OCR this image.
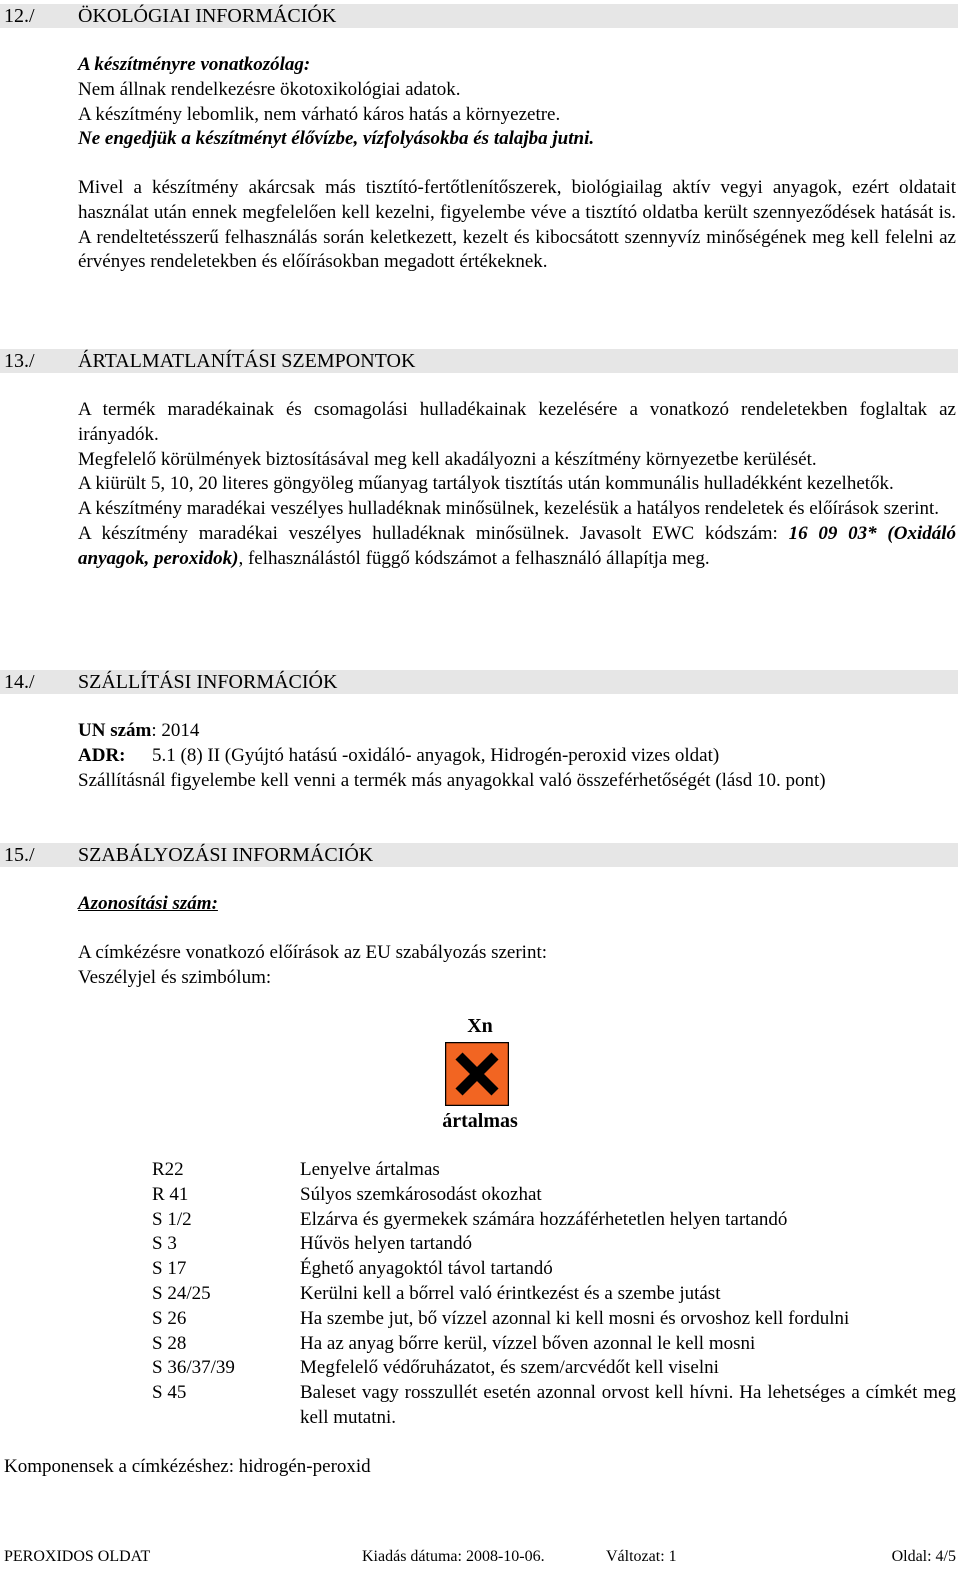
12./ ÖKOLÓGIAI INFORMÁCIÓK
A készítményre vonatkozólag:
Nem állnak rendelkezésre ökotoxikológiai adatok.
A készítmény lebomlik, nem várható káros hatás a környezetre.
Ne engedjük a készítményt élővízbe, vízfolyásokba és talajba jutni.
Mivel a készítmény akárcsak más tisztító-fertőtlenítőszerek, biológiailag aktív vegyi anyagok, ezért oldatait használat után ennek megfelelően kell kezelni, figyelembe véve a tisztító oldatba került szennyeződések hatását is. A rendeltetésszerű felhasználás során keletkezett, kezelt és kibocsátott szennyvíz minőségének meg kell felelni az érvényes rendeletekben és előírásokban megadott értékeknek.
13./ ÁRTALMATLANÍTÁSI SZEMPONTOK
A termék maradékainak és csomagolási hulladékainak kezelésére a vonatkozó rendeletekben foglaltak az irányadók.
Megfelelő körülmények biztosításával meg kell akadályozni a készítmény környezetbe kerülését.
A kiürült 5, 10, 20 literes göngyöleg műanyag tartályok tisztítás után kommunális hulladékként kezelhetők.
A készítmény maradékai veszélyes hulladéknak minősülnek, kezelésük a hatályos rendeletek és előírások szerint.
A készítmény maradékai veszélyes hulladéknak minősülnek. Javasolt EWC kódszám: 16 09 03* (Oxidáló anyagok, peroxidok), felhasználástól függő kódszámot a felhasználó állapítja meg.
14./ SZÁLLÍTÁSI INFORMÁCIÓK
UN szám: 2014
ADR: 5.1 (8) II (Gyújtó hatású -oxidáló- anyagok, Hidrogén-peroxid vizes oldat)
Szállításnál figyelembe kell venni a termék más anyagokkal való összeférhetőségét (lásd 10. pont)
15./ SZABÁLYOZÁSI INFORMÁCIÓK
Azonosítási szám:
A címkézésre vonatkozó előírások az EU szabályozás szerint:
Veszélyjel és szimbólum:
Xn
ártalmas
R22	Lenyelve ártalmas
R 41	Súlyos szemkárosodást okozhat
S 1/2	Elzárva és gyermekek számára hozzáférhetetlen helyen tartandó
S 3	Hűvös helyen tartandó
S 17	Éghető anyagoktól távol tartandó
S 24/25	Kerülni kell a bőrrel való érintkezést és a szembe jutást
S 26	Ha szembe jut, bő vízzel azonnal ki kell mosni és orvoshoz kell fordulni
S 28	Ha az anyag bőrre kerül, vízzel bőven azonnal le kell mosni
S 36/37/39	Megfelelő védőruházatot, és szem/arcvédőt kell viselni
S 45	Baleset vagy rosszullét esetén azonnal orvost kell hívni. Ha lehetséges a címkét meg kell mutatni.
Komponensek a címkézéshez: hidrogén-peroxid
PEROXIDOS OLDAT	Kiadás dátuma: 2008-10-06.	Változat: 1	Oldal: 4/5
